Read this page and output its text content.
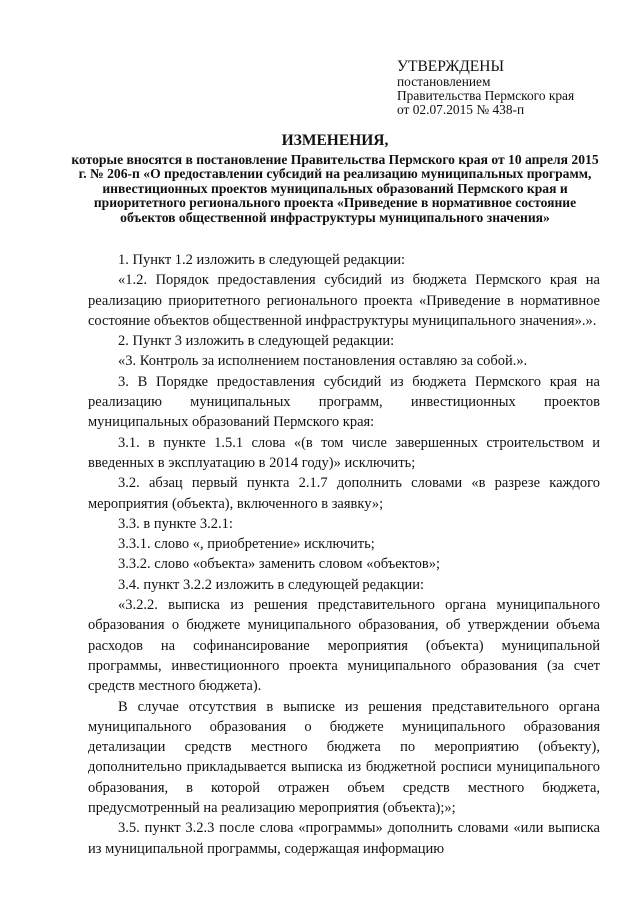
УТВЕРЖДЕНЫ
постановлением
Правительства Пермского края
от 02.07.2015 № 438-п
ИЗМЕНЕНИЯ,
которые вносятся в постановление Правительства Пермского края от 10 апреля 2015 г. № 206-п «О предоставлении субсидий на реализацию муниципальных программ, инвестиционных проектов муниципальных образований Пермского края и приоритетного регионального проекта «Приведение в нормативное состояние объектов общественной инфраструктуры муниципального значения»

1. Пункт 1.2 изложить в следующей редакции:

«1.2. Порядок предоставления субсидий из бюджета Пермского края на реализацию приоритетного регионального проекта «Приведение в нормативное состояние объектов общественной инфраструктуры муниципального значения».».

2. Пункт 3 изложить в следующей редакции:

«3. Контроль за исполнением постановления оставляю за собой.».

3. В Порядке предоставления субсидий из бюджета Пермского края на реализацию муниципальных программ, инвестиционных проектов муниципальных образований Пермского края:

3.1. в пункте 1.5.1 слова «(в том числе завершенных строительством и введенных в эксплуатацию в 2014 году)» исключить;

3.2. абзац первый пункта 2.1.7 дополнить словами «в разрезе каждого мероприятия (объекта), включенного в заявку»;

3.3. в пункте 3.2.1:

3.3.1. слово «, приобретение» исключить;

3.3.2. слово «объекта» заменить словом «объектов»;

3.4. пункт 3.2.2 изложить в следующей редакции:

«3.2.2. выписка из решения представительного органа муниципального образования о бюджете муниципального образования, об утверждении объема расходов на софинансирование мероприятия (объекта) муниципальной программы, инвестиционного проекта муниципального образования (за счет средств местного бюджета).

В случае отсутствия в выписке из решения представительного органа муниципального образования о бюджете муниципального образования детализации средств местного бюджета по мероприятию (объекту), дополнительно прикладывается выписка из бюджетной росписи муниципального образования, в которой отражен объем средств местного бюджета, предусмотренный на реализацию мероприятия (объекта);»;

3.5. пункт 3.2.3 после слова «программы» дополнить словами «или выписка из муниципальной программы, содержащая информацию
